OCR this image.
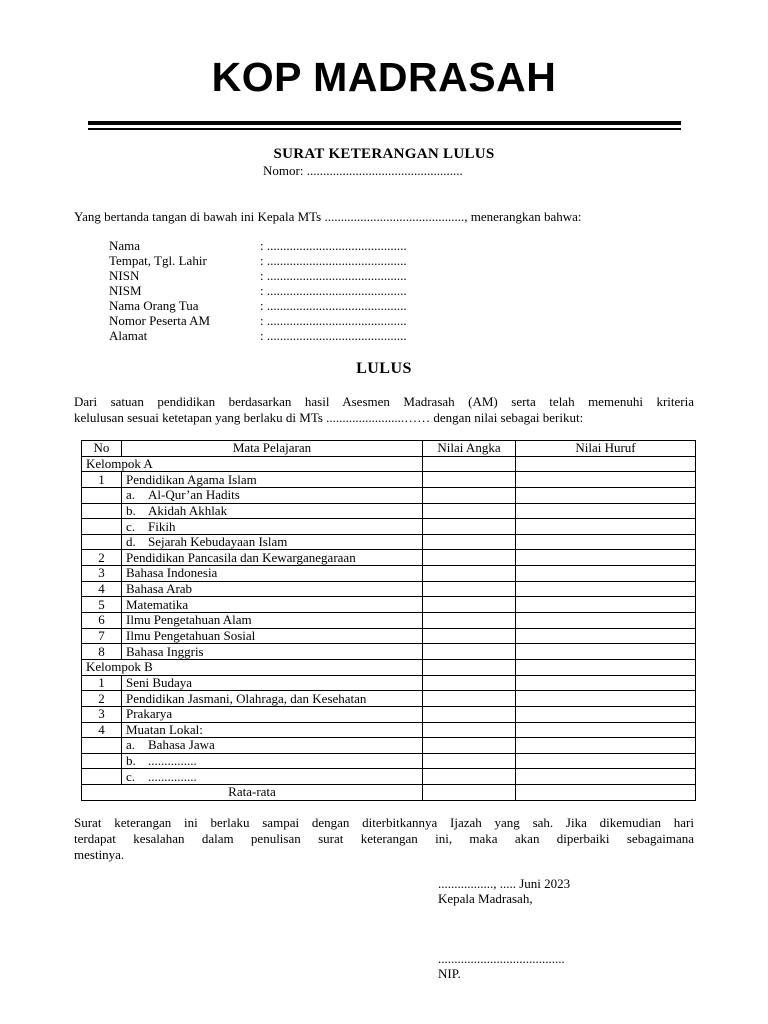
KOP MADRASAH
SURAT KETERANGAN LULUS
Nomor: ................................................
Yang bertanda tangan di bawah ini Kepala MTs ..........................................., menerangkan bahwa:
Nama	: ...........................................
Tempat, Tgl. Lahir	: ...........................................
NISN	: ...........................................
NISM	: ...........................................
Nama Orang Tua	: ...........................................
Nomor Peserta AM	: ...........................................
Alamat	: ...........................................
LULUS
Dari satuan pendidikan berdasarkan hasil Asesmen Madrasah (AM) serta telah memenuhi kriteria
kelulusan sesuai ketetapan yang berlaku di MTs ........................…… dengan nilai sebagai berikut:
No	Mata Pelajaran	Nilai Angka	Nilai Huruf
Kelompok A			
1	Pendidikan Agama Islam		
	a. Al-Qur’an Hadits		
	b. Akidah Akhlak		
	c. Fikih		
	d. Sejarah Kebudayaan Islam		
2	Pendidikan Pancasila dan Kewarganegaraan		
3	Bahasa Indonesia		
4	Bahasa Arab		
5	Matematika		
6	Ilmu Pengetahuan Alam		
7	Ilmu Pengetahuan Sosial		
8	Bahasa Inggris		
Kelompok B			
1	Seni Budaya		
2	Pendidikan Jasmani, Olahraga, dan Kesehatan		
3	Prakarya		
4	Muatan Lokal:		
	a. Bahasa Jawa		
	b. ...............		
	c. ...............		
Rata-rata			
Surat keterangan ini berlaku sampai dengan diterbitkannya Ijazah yang sah. Jika dikemudian hari
terdapat kesalahan dalam penulisan surat keterangan ini, maka akan diperbaiki sebagaimana
mestinya.
................., ..... Juni 2023
Kepala Madrasah,
.......................................
NIP.
